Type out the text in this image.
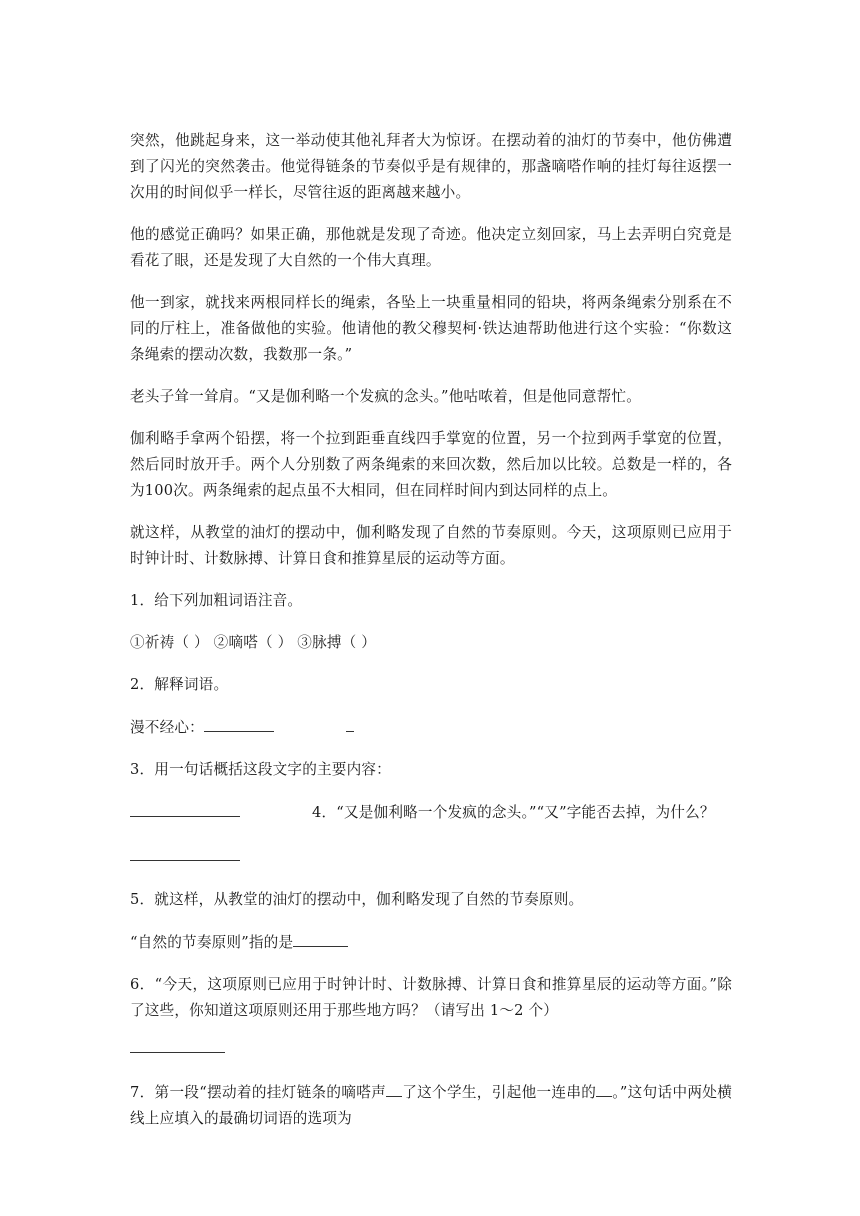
突然，他跳起身来，这一举动使其他礼拜者大为惊讶。在摆动着的油灯的节奏中，他仿佛遭到了闪光的突然袭击。他觉得链条的节奏似乎是有规律的，那盏嘀嗒作响的挂灯每往返摆一次用的时间似乎一样长，尽管往返的距离越来越小。

他的感觉正确吗？如果正确，那他就是发现了奇迹。他决定立刻回家，马上去弄明白究竟是看花了眼，还是发现了大自然的一个伟大真理。

他一到家，就找来两根同样长的绳索，各坠上一块重量相同的铅块，将两条绳索分别系在不同的厅柱上，准备做他的实验。他请他的教父穆契柯·铁达迪帮助他进行这个实验：“你数这条绳索的摆动次数，我数那一条。”

老头子耸一耸肩。“又是伽利略一个发疯的念头。”他咕哝着，但是他同意帮忙。

伽利略手拿两个铅摆，将一个拉到距垂直线四手掌宽的位置，另一个拉到两手掌宽的位置，然后同时放开手。两个人分别数了两条绳索的来回次数，然后加以比较。总数是一样的，各为100次。两条绳索的起点虽不大相同，但在同样时间内到达同样的点上。

就这样，从教堂的油灯的摆动中，伽利略发现了自然的节奏原则。今天，这项原则已应用于时钟计时、计数脉搏、计算日食和推算星辰的运动等方面。

1．给下列加粗词语注音。

①祈祷（ ） ②嘀嗒（ ） ③脉搏（ ）

2．解释词语。

漫不经心：

3．用一句话概括这段文字的主要内容：

4．“又是伽利略一个发疯的念头。”“又”字能否去掉，为什么？

5．就这样，从教堂的油灯的摆动中，伽利略发现了自然的节奏原则。

“自然的节奏原则”指的是

6．“今天，这项原则已应用于时钟计时、计数脉搏、计算日食和推算星辰的运动等方面。”除了这些，你知道这项原则还用于那些地方吗？（请写出 1～2 个）

7．第一段“摆动着的挂灯链条的嘀嗒声 了这个学生，引起他一连串的 。”这句话中两处横线上应填入的最确切词语的选项为
